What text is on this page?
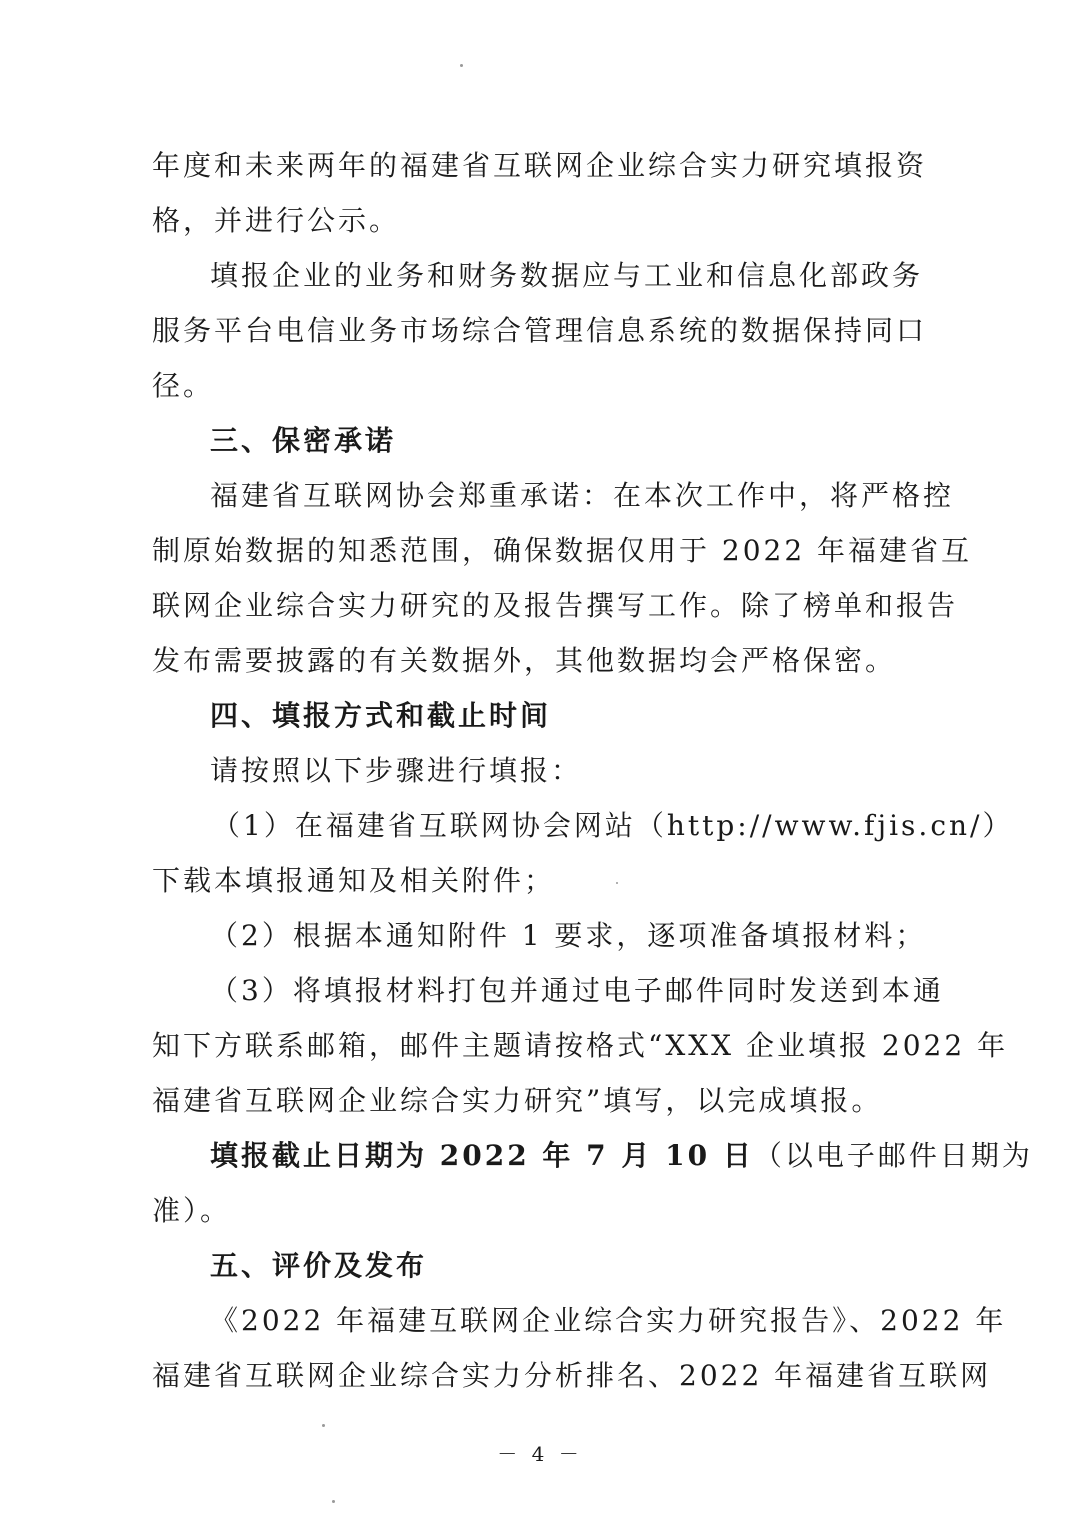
年度和未来两年的福建省互联网企业综合实力研究填报资
格，并进行公示。
填报企业的业务和财务数据应与工业和信息化部政务
服务平台电信业务市场综合管理信息系统的数据保持同口
径。
三、保密承诺
福建省互联网协会郑重承诺：在本次工作中，将严格控
制原始数据的知悉范围，确保数据仅用于 2022 年福建省互
联网企业综合实力研究的及报告撰写工作。除了榜单和报告
发布需要披露的有关数据外，其他数据均会严格保密。
四、填报方式和截止时间
请按照以下步骤进行填报：
（1）在福建省互联网协会网站（http://www.fjis.cn/）
下载本填报通知及相关附件；
（2）根据本通知附件 1 要求，逐项准备填报材料；
（3）将填报材料打包并通过电子邮件同时发送到本通
知下方联系邮箱，邮件主题请按格式“XXX 企业填报 2022 年
福建省互联网企业综合实力研究”填写，以完成填报。
填报截止日期为 2022 年 7 月 10 日（以电子邮件日期为
准）。
五、评价及发布
《2022 年福建互联网企业综合实力研究报告》、2022 年
福建省互联网企业综合实力分析排名、2022 年福建省互联网
－ 4 －
